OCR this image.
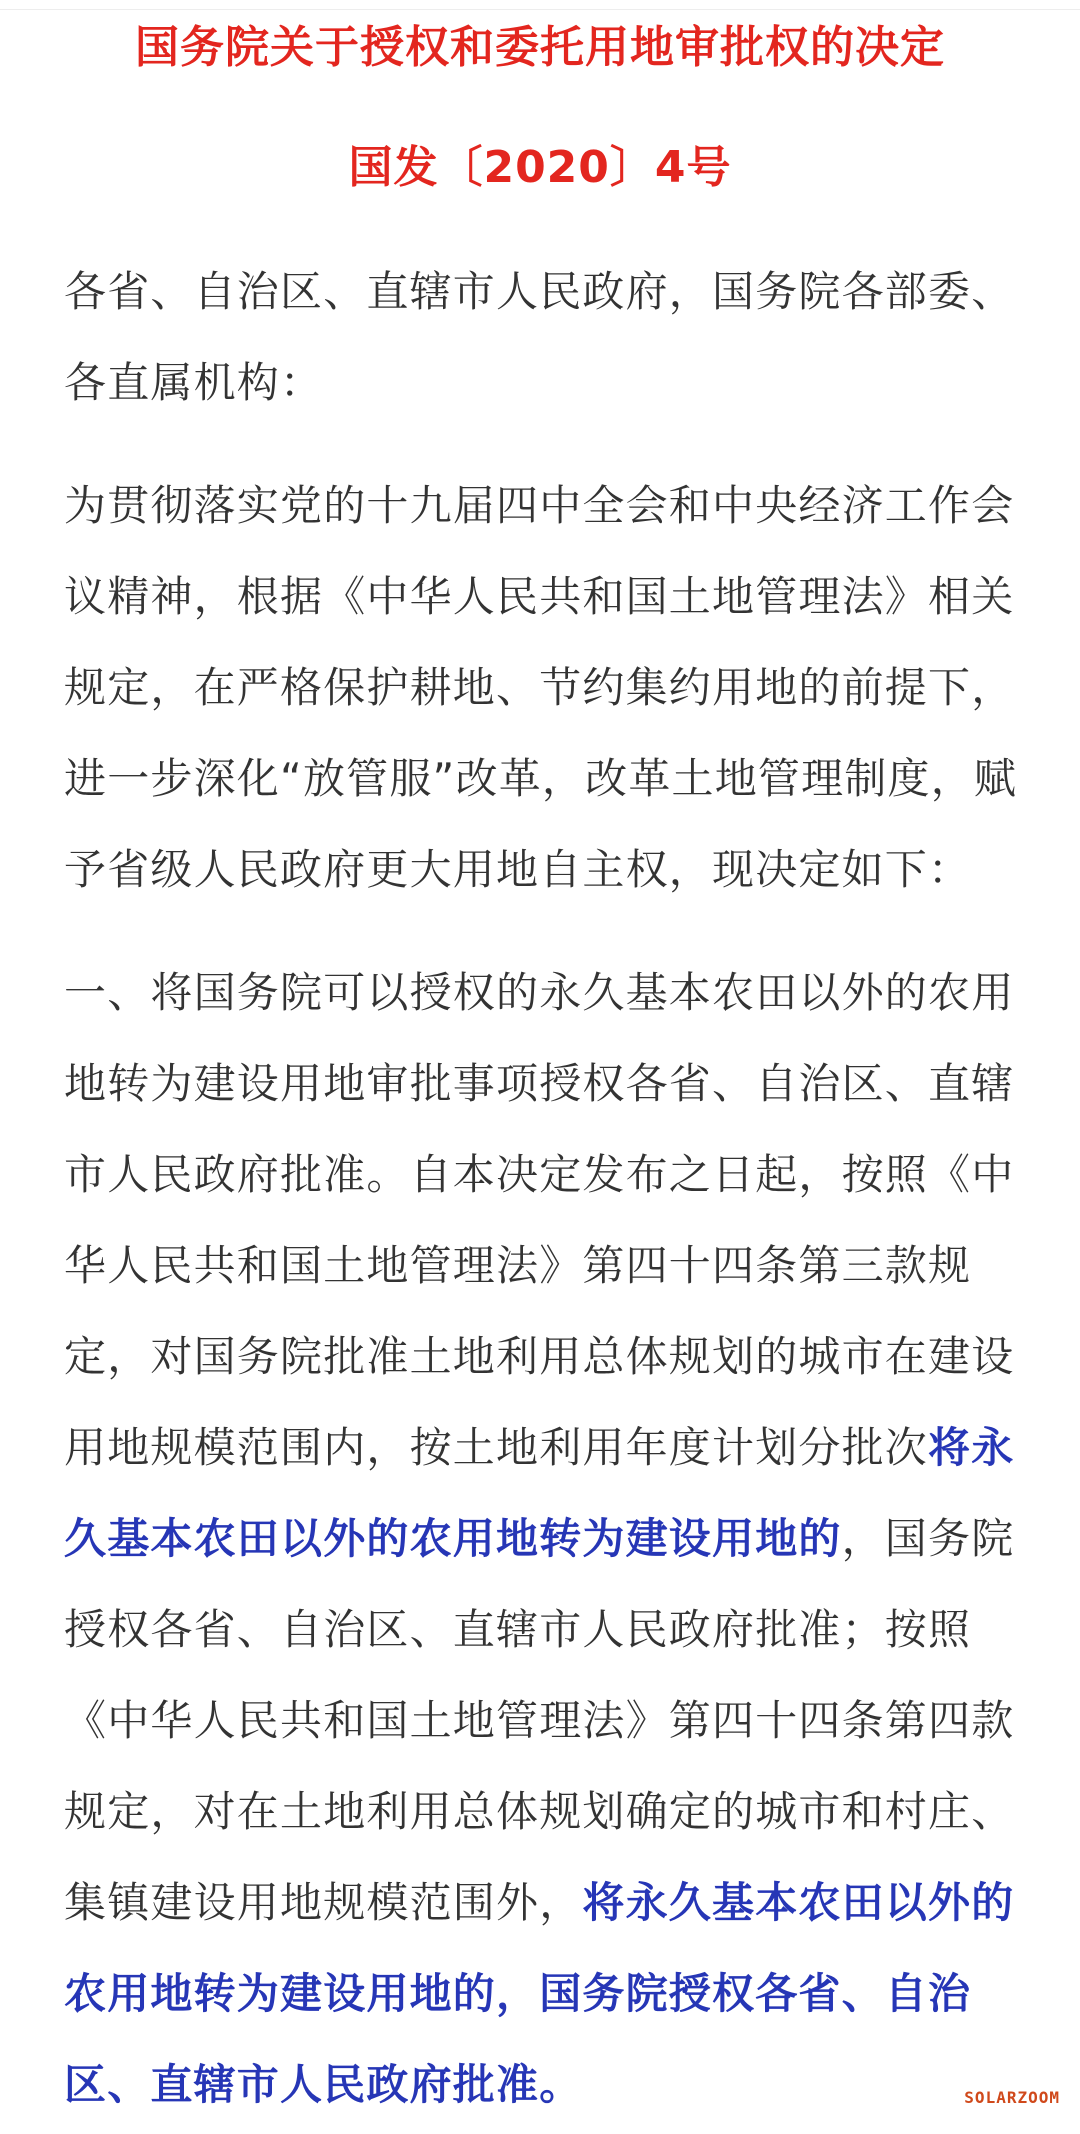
国务院关于授权和委托用地审批权的决定
国发〔2020〕4号
各省、自治区、直辖市人民政府，国务院各部委、
各直属机构：
为贯彻落实党的十九届四中全会和中央经济工作会
议精神，根据《中华人民共和国土地管理法》相关
规定，在严格保护耕地、节约集约用地的前提下，
进一步深化“放管服”改革，改革土地管理制度，赋
予省级人民政府更大用地自主权，现决定如下：
一、将国务院可以授权的永久基本农田以外的农用
地转为建设用地审批事项授权各省、自治区、直辖
市人民政府批准。自本决定发布之日起，按照《中
华人民共和国土地管理法》第四十四条第三款规
定，对国务院批准土地利用总体规划的城市在建设
用地规模范围内，按土地利用年度计划分批次将永
久基本农田以外的农用地转为建设用地的，国务院
授权各省、自治区、直辖市人民政府批准；按照
《中华人民共和国土地管理法》第四十四条第四款
规定，对在土地利用总体规划确定的城市和村庄、
集镇建设用地规模范围外，将永久基本农田以外的
农用地转为建设用地的，国务院授权各省、自治
区、直辖市人民政府批准。	SOLARZOOM
